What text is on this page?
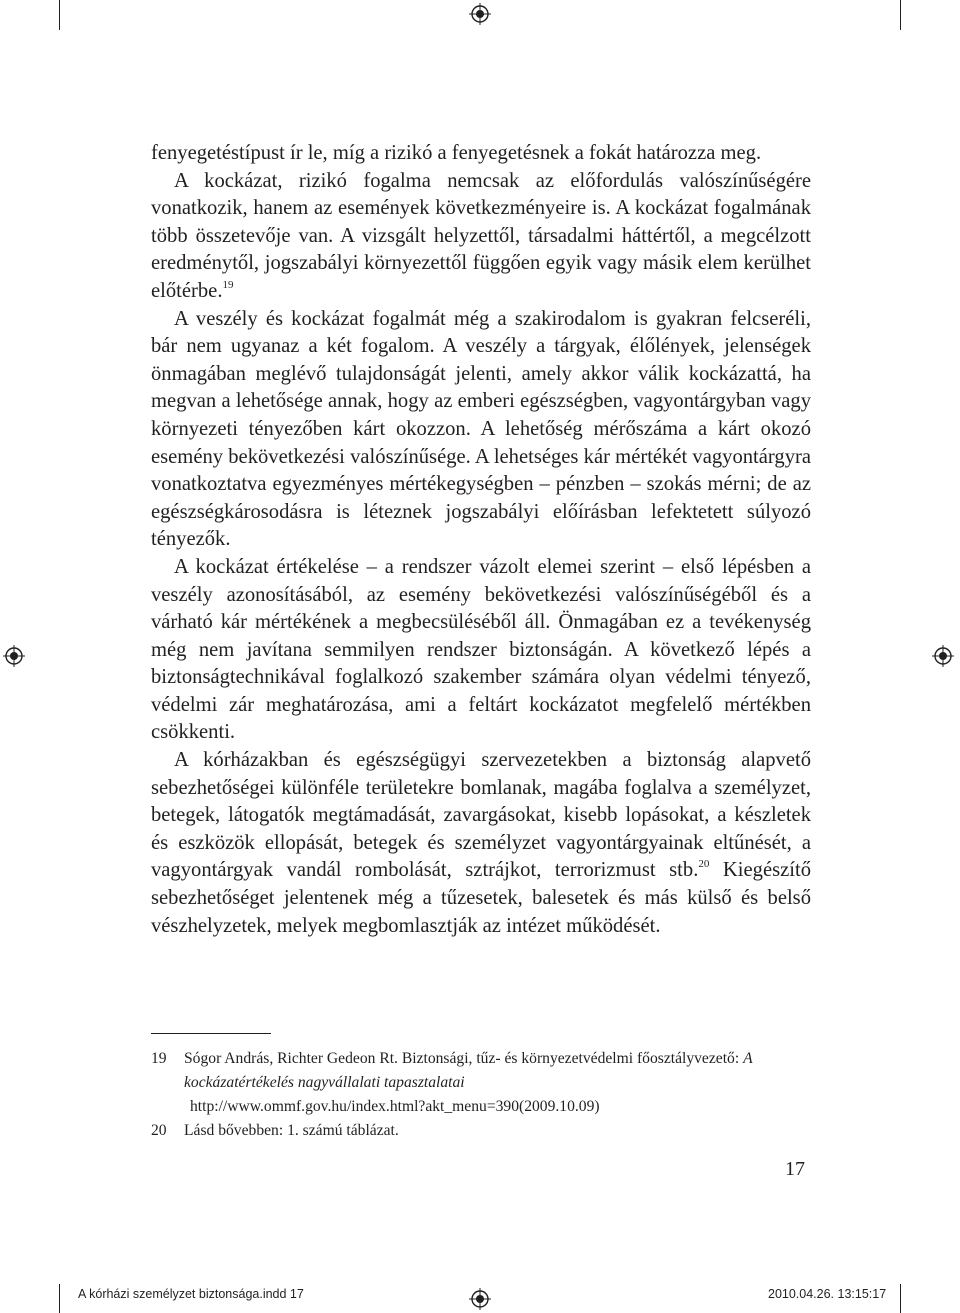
fenyegetéstípust ír le, míg a rizikó a fenyegetésnek a fokát határozza meg.

A kockázat, rizikó fogalma nemcsak az előfordulás valószínűségére vonatkozik, hanem az események következményeire is. A kockázat fogalmának több összetevője van. A vizsgált helyzettől, társadalmi háttértől, a megcélzott eredménytől, jogszabályi környezettől függően egyik vagy másik elem kerülhet előtérbe.$^{19}$

A veszély és kockázat fogalmát még a szakirodalom is gyakran felcseréli, bár nem ugyanaz a két fogalom. A veszély a tárgyak, élőlények, jelenségek önmagában meglévő tulajdonságát jelenti, amely akkor válik kockázattá, ha megvan a lehetősége annak, hogy az emberi egészségben, vagyontárgyban vagy környezeti tényezőben kárt okozzon. A lehetőség mérőszáma a kárt okozó esemény bekövetkezési valószínűsége. A lehetséges kár mértékét vagyontárgyra vonatkoztatva egyezményes mértékegységben – pénzben – szokás mérni; de az egészségkárosodásra is léteznek jogszabályi előírásban lefektetett súlyozó tényezők.

A kockázat értékelése – a rendszer vázolt elemei szerint – első lépésben a veszély azonosításából, az esemény bekövetkezési valószínűségéből és a várható kár mértékének a megbecsüléséből áll. Önmagában ez a tevékenység még nem javítana semmilyen rendszer biztonságán. A következő lépés a biztonságtechnikával foglalkozó szakember számára olyan védelmi tényező, védelmi zár meghatározása, ami a feltárt kockázatot megfelelő mértékben csökkenti.

A kórházakban és egészségügyi szervezetekben a biztonság alapvető sebezhetőségei különféle területekre bomlanak, magába foglalva a személyzet, betegek, látogatók megtámadását, zavargásokat, kisebb lopásokat, a készletek és eszközök ellopását, betegek és személyzet vagyontárgyainak eltűnését, a vagyontárgyak vandál rombolását, sztrájkot, terrorizmust stb.$^{20}$ Kiegészítő sebezhetőséget jelentenek még a tűzesetek, balesetek és más külső és belső vészhelyzetek, melyek megbomlasztják az intézet működését.

19 Sógor András, Richter Gedeon Rt. Biztonsági, tűz- és környezetvédelmi főosztályvezető: A kockázatértékelés nagyvállalati tapasztalatai
http://www.ommf.gov.hu/index.html?akt_menu=390(2009.10.09)
20 Lásd bővebben: 1. számú táblázat.
17
A kórházi személyzet biztonsága.indd 17	2010.04.26. 13:15:17
